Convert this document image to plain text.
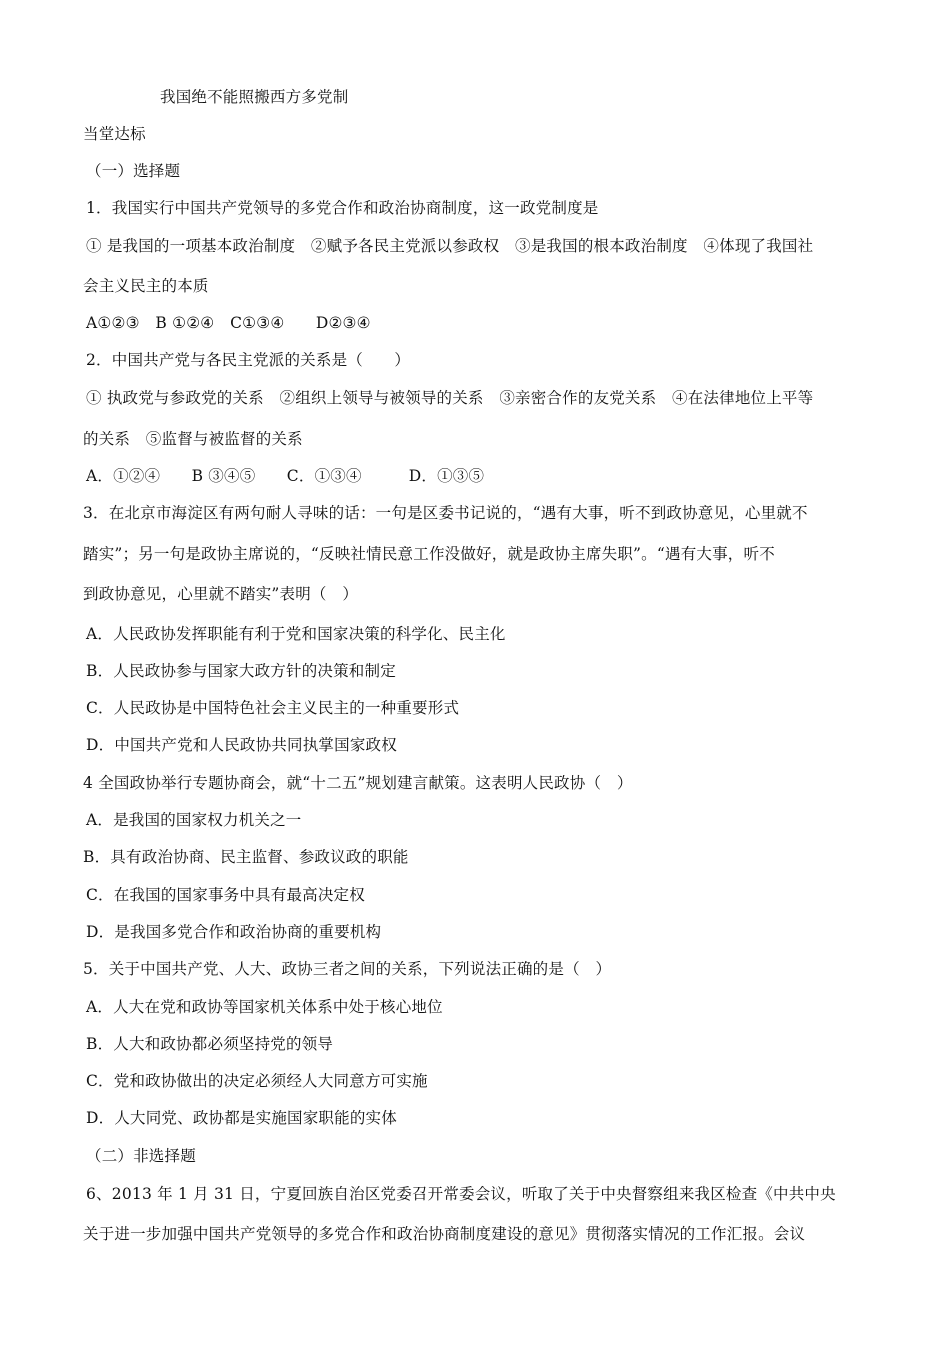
我国绝不能照搬西方多党制
当堂达标
（一）选择题
1．我国实行中国共产党领导的多党合作和政治协商制度，这一政党制度是
① 是我国的一项基本政治制度　②赋予各民主党派以参政权　③是我国的根本政治制度　④体现了我国社
会主义民主的本质
A①②③　B ①②④　C①③④　　D②③④
2．中国共产党与各民主党派的关系是（　　）
① 执政党与参政党的关系　②组织上领导与被领导的关系　③亲密合作的友党关系　④在法律地位上平等
的关系　⑤监督与被监督的关系
A．①②④　　B ③④⑤　　C．①③④　　　D．①③⑤
3．在北京市海淀区有两句耐人寻味的话：一句是区委书记说的，“遇有大事，听不到政协意见，心里就不
踏实”；另一句是政协主席说的，“反映社情民意工作没做好，就是政协主席失职”。“遇有大事，听不
到政协意见，心里就不踏实”表明（　）
A．人民政协发挥职能有利于党和国家决策的科学化、民主化
B．人民政协参与国家大政方针的决策和制定
C．人民政协是中国特色社会主义民主的一种重要形式
D．中国共产党和人民政协共同执掌国家政权
4 全国政协举行专题协商会，就“十二五”规划建言献策。这表明人民政协（　）
A．是我国的国家权力机关之一
B．具有政治协商、民主监督、参政议政的职能
C．在我国的国家事务中具有最高决定权
D．是我国多党合作和政治协商的重要机构
5．关于中国共产党、人大、政协三者之间的关系，下列说法正确的是（　）
A．人大在党和政协等国家机关体系中处于核心地位
B．人大和政协都必须坚持党的领导
C．党和政协做出的决定必须经人大同意方可实施
D．人大同党、政协都是实施国家职能的实体
（二）非选择题
6、2013 年 1 月 31 日，宁夏回族自治区党委召开常委会议，听取了关于中央督察组来我区检查《中共中央
关于进一步加强中国共产党领导的多党合作和政治协商制度建设的意见》贯彻落实情况的工作汇报。会议
